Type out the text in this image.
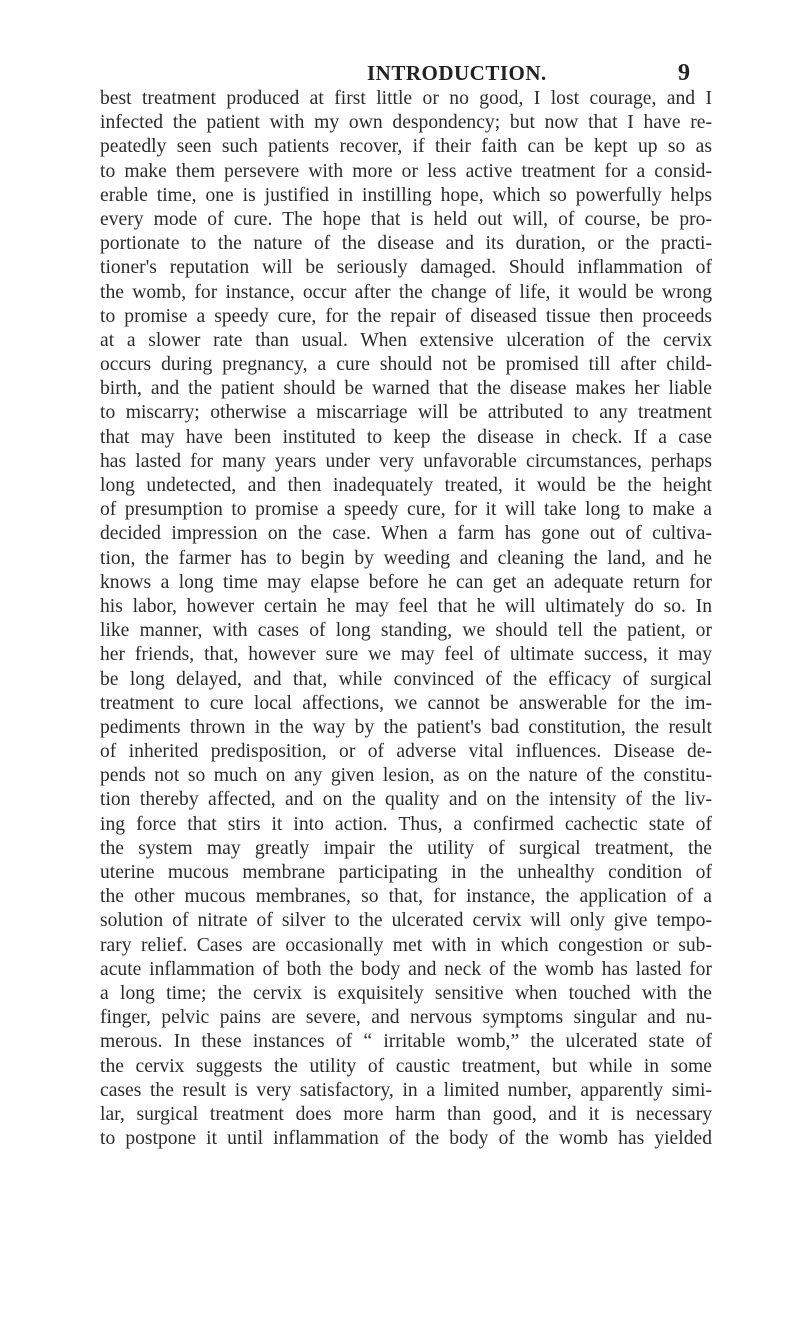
INTRODUCTION.	9
best treatment produced at first little or no good, I lost courage, and I
infected the patient with my own despondency; but now that I have re-
peatedly seen such patients recover, if their faith can be kept up so as
to make them persevere with more or less active treatment for a consid-
erable time, one is justified in instilling hope, which so powerfully helps
every mode of cure. The hope that is held out will, of course, be pro-
portionate to the nature of the disease and its duration, or the practi-
tioner's reputation will be seriously damaged. Should inflammation of
the womb, for instance, occur after the change of life, it would be wrong
to promise a speedy cure, for the repair of diseased tissue then proceeds
at a slower rate than usual. When extensive ulceration of the cervix
occurs during pregnancy, a cure should not be promised till after child-
birth, and the patient should be warned that the disease makes her liable
to miscarry; otherwise a miscarriage will be attributed to any treatment
that may have been instituted to keep the disease in check. If a case
has lasted for many years under very unfavorable circumstances, perhaps
long undetected, and then inadequately treated, it would be the height
of presumption to promise a speedy cure, for it will take long to make a
decided impression on the case. When a farm has gone out of cultiva-
tion, the farmer has to begin by weeding and cleaning the land, and he
knows a long time may elapse before he can get an adequate return for
his labor, however certain he may feel that he will ultimately do so. In
like manner, with cases of long standing, we should tell the patient, or
her friends, that, however sure we may feel of ultimate success, it may
be long delayed, and that, while convinced of the efficacy of surgical
treatment to cure local affections, we cannot be answerable for the im-
pediments thrown in the way by the patient's bad constitution, the result
of inherited predisposition, or of adverse vital influences. Disease de-
pends not so much on any given lesion, as on the nature of the constitu-
tion thereby affected, and on the quality and on the intensity of the liv-
ing force that stirs it into action. Thus, a confirmed cachectic state of
the system may greatly impair the utility of surgical treatment, the
uterine mucous membrane participating in the unhealthy condition of
the other mucous membranes, so that, for instance, the application of a
solution of nitrate of silver to the ulcerated cervix will only give tempo-
rary relief. Cases are occasionally met with in which congestion or sub-
acute inflammation of both the body and neck of the womb has lasted for
a long time; the cervix is exquisitely sensitive when touched with the
finger, pelvic pains are severe, and nervous symptoms singular and nu-
merous. In these instances of “ irritable womb,” the ulcerated state of
the cervix suggests the utility of caustic treatment, but while in some
cases the result is very satisfactory, in a limited number, apparently simi-
lar, surgical treatment does more harm than good, and it is necessary
to postpone it until inflammation of the body of the womb has yielded
